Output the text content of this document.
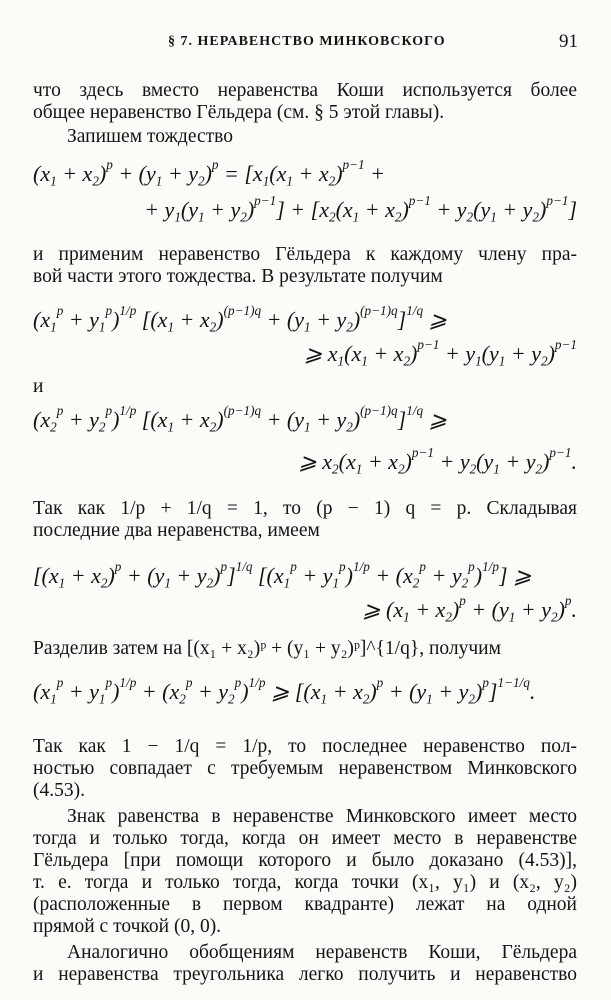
§ 7. НЕРАВЕНСТВО МИНКОВСКОГО	91
что здесь вместо неравенства Коши используется более
общее неравенство Гёльдера (см. § 5 этой главы).
Запишем тождество
$(x_1 + x_2)^p + (y_1 + y_2)^p = [x_1(x_1 + x_2)^{p-1}$ +
+ $y_1(y_1 + y_2)^{p-1}] + [x_2(x_1 + x_2)^{p-1} + y_2(y_1 + y_2)^{p-1}]$
и применим неравенство Гёльдера к каждому члену пра-
вой части этого тождества. В результате получим
$(x_1^p + y_1^p)^{1/p}$ $[(x_1 + x_2)^{(p-1)q} + (y_1 + y_2)^{(p-1)q}]^{1/q}$ ⩾
⩾ $x_1(x_1 + x_2)^{p-1} + y_1(y_1 + y_2)^{p-1}$
и
$(x_2^p + y_2^p)^{1/p}$ $[(x_1 + x_2)^{(p-1)q} + (y_1 + y_2)^{(p-1)q}]^{1/q}$ ⩾
⩾ $x_2(x_1 + x_2)^{p-1} + y_2(y_1 + y_2)^{p-1}$.
Так как 1/p + 1/q = 1, то (p − 1) q = p. Складывая
последние два неравенства, имеем
$[(x_1 + x_2)^p + (y_1 + y_2)^p]^{1/q}$ $[(x_1^p + y_1^p)^{1/p} + (x_2^p + y_2^p)^{1/p}]$ ⩾
⩾ $(x_1 + x_2)^p + (y_1 + y_2)^p$.
Разделив затем на [(x₁ + x₂)ᵖ + (y₁ + y₂)ᵖ]^{1/q}, получим
$(x_1^p + y_1^p)^{1/p} + (x_2^p + y_2^p)^{1/p}$ ⩾ $[(x_1 + x_2)^p + (y_1 + y_2)^p]^{1-1/q}$.
Так как 1 − 1/q = 1/p, то последнее неравенство пол-
ностью совпадает с требуемым неравенством Минковского
(4.53).
Знак равенства в неравенстве Минковского имеет место
тогда и только тогда, когда он имеет место в неравенстве
Гёльдера [при помощи которого и было доказано (4.53)],
т. е. тогда и только тогда, когда точки (x₁, y₁) и (x₂, y₂)
(расположенные в первом квадранте) лежат на одной
прямой с точкой (0, 0).
Аналогично обобщениям неравенств Коши, Гёльдера
и неравенства треугольника легко получить и неравенство
